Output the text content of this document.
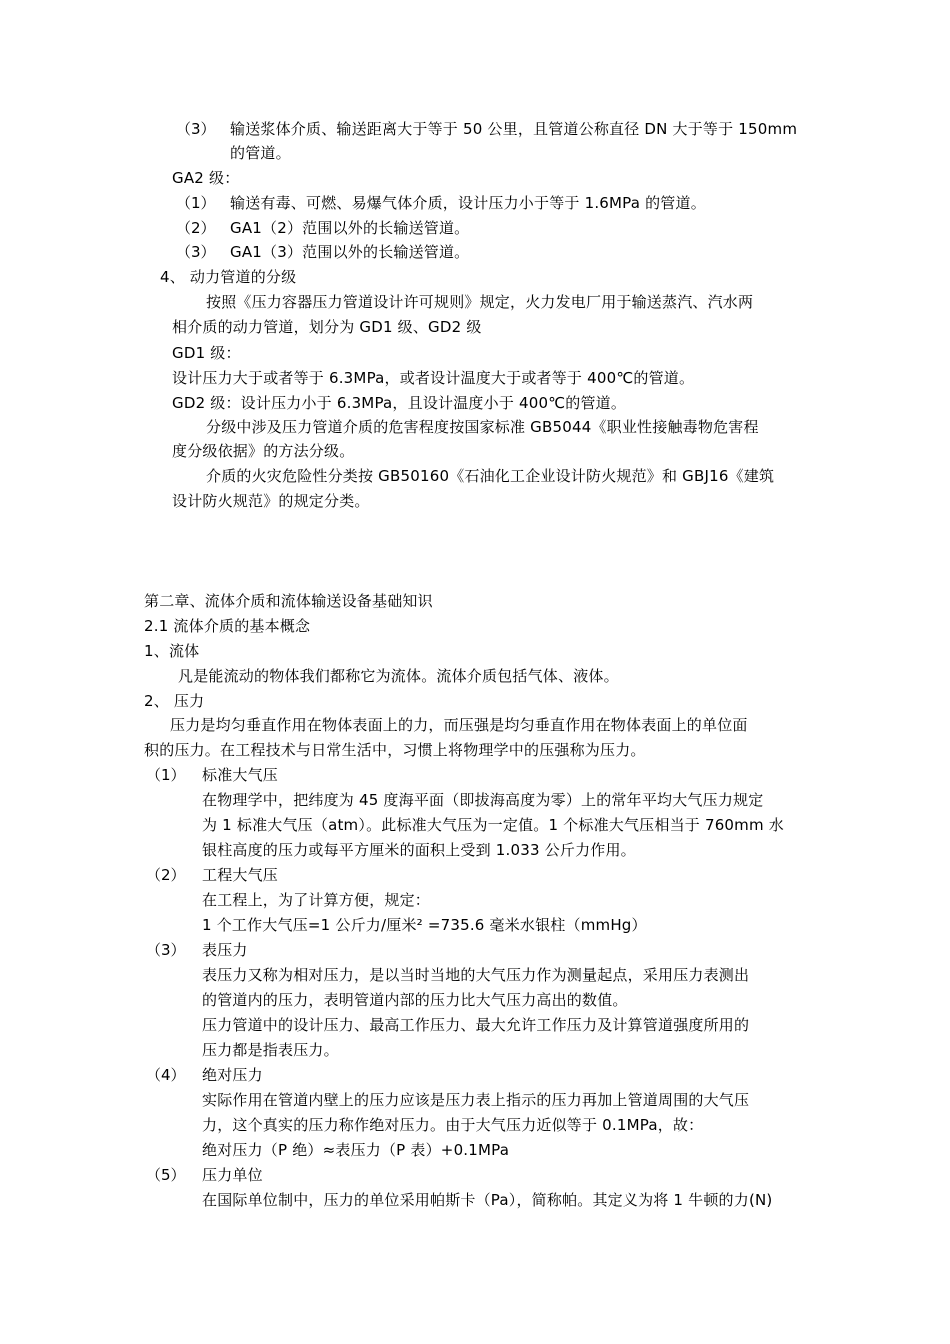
（3） 输送浆体介质、输送距离大于等于 50 公里，且管道公称直径 DN 大于等于 150mm
的管道。
GA2 级：
（1） 输送有毒、可燃、易爆气体介质，设计压力小于等于 1.6MPa 的管道。
（2） GA1（2）范围以外的长输送管道。
（3） GA1（3）范围以外的长输送管道。
4、 动力管道的分级
按照《压力容器压力管道设计许可规则》规定，火力发电厂用于输送蒸汽、汽水两
相介质的动力管道，划分为 GD1 级、GD2 级
GD1 级：
设计压力大于或者等于 6.3MPa，或者设计温度大于或者等于 400℃的管道。
GD2 级：设计压力小于 6.3MPa，且设计温度小于 400℃的管道。
分级中涉及压力管道介质的危害程度按国家标准 GB5044《职业性接触毒物危害程
度分级依据》的方法分级。
介质的火灾危险性分类按 GB50160《石油化工企业设计防火规范》和 GBJ16《建筑
设计防火规范》的规定分类。
第二章、流体介质和流体输送设备基础知识
2.1 流体介质的基本概念
1、流体
凡是能流动的物体我们都称它为流体。流体介质包括气体、液体。
2、 压力
压力是均匀垂直作用在物体表面上的力，而压强是均匀垂直作用在物体表面上的单位面
积的压力。在工程技术与日常生活中，习惯上将物理学中的压强称为压力。
（1） 标准大气压
在物理学中，把纬度为 45 度海平面（即拔海高度为零）上的常年平均大气压力规定
为 1 标准大气压（atm）。此标准大气压为一定值。1 个标准大气压相当于 760mm 水
银柱高度的压力或每平方厘米的面积上受到 1.033 公斤力作用。
（2） 工程大气压
在工程上，为了计算方便，规定：
1 个工作大气压=1 公斤力/厘米² =735.6 毫米水银柱（mmHg）
（3） 表压力
表压力又称为相对压力，是以当时当地的大气压力作为测量起点，采用压力表测出
的管道内的压力，表明管道内部的压力比大气压力高出的数值。
压力管道中的设计压力、最高工作压力、最大允许工作压力及计算管道强度所用的
压力都是指表压力。
（4） 绝对压力
实际作用在管道内壁上的压力应该是压力表上指示的压力再加上管道周围的大气压
力，这个真实的压力称作绝对压力。由于大气压力近似等于 0.1MPa，故：
绝对压力（P 绝）≈表压力（P 表）+0.1MPa
（5） 压力单位
在国际单位制中，压力的单位采用帕斯卡（Pa），简称帕。其定义为将 1 牛顿的力(N)
